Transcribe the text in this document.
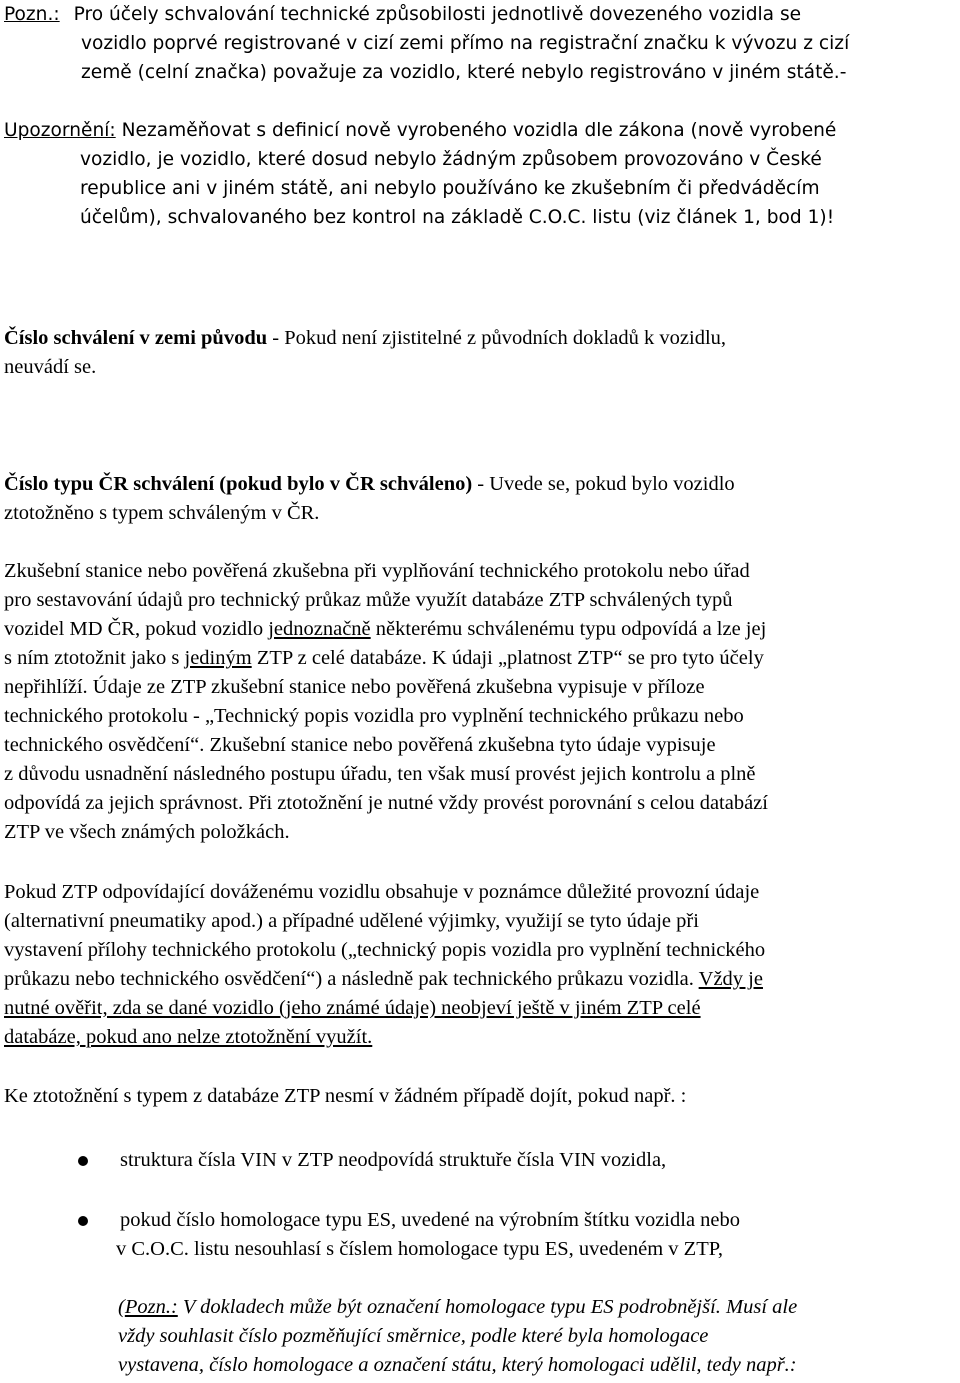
Pozn.: Pro účely schvalování technické způsobilosti jednotlivě dovezeného vozidla se
vozidlo poprvé registrované v cizí zemi přímo na registrační značku k vývozu z cizí
země (celní značka) považuje za vozidlo, které nebylo registrováno v jiném státě.-
Upozornění: Nezaměňovat s definicí nově vyrobeného vozidla dle zákona (nově vyrobené
vozidlo, je vozidlo, které dosud nebylo žádným způsobem provozováno v České
republice ani v jiném státě, ani nebylo používáno ke zkušebním či předváděcím
účelům), schvalovaného bez kontrol na základě C.O.C. listu (viz článek 1, bod 1)!
Číslo schválení v zemi původu - Pokud není zjistitelné z původních dokladů k vozidlu,
neuvádí se.
Číslo typu ČR schválení (pokud bylo v ČR schváleno) - Uvede se, pokud bylo vozidlo
ztotožněno s typem schváleným v ČR.
Zkušební stanice nebo pověřená zkušebna při vyplňování technického protokolu nebo úřad
pro sestavování údajů pro technický průkaz může využít databáze ZTP schválených typů
vozidel MD ČR, pokud vozidlo jednoznačně některému schválenému typu odpovídá a lze jej
s ním ztotožnit jako s jediným ZTP z celé databáze. K údaji „platnost ZTP“ se pro tyto účely
nepřihlíží. Údaje ze ZTP zkušební stanice nebo pověřená zkušebna vypisuje v příloze
technického protokolu - „Technický popis vozidla pro vyplnění technického průkazu nebo
technického osvědčení“. Zkušební stanice nebo pověřená zkušebna tyto údaje vypisuje
z důvodu usnadnění následného postupu úřadu, ten však musí provést jejich kontrolu a plně
odpovídá za jejich správnost. Při ztotožnění je nutné vždy provést porovnání s celou databází
ZTP ve všech známých položkách.
Pokud ZTP odpovídající dováženému vozidlu obsahuje v poznámce důležité provozní údaje
(alternativní pneumatiky apod.) a případné udělené výjimky, využijí se tyto údaje při
vystavení přílohy technického protokolu („technický popis vozidla pro vyplnění technického
průkazu nebo technického osvědčení“) a následně pak technického průkazu vozidla. Vždy je
nutné ověřit, zda se dané vozidlo (jeho známé údaje) neobjeví ještě v jiném ZTP celé
databáze, pokud ano nelze ztotožnění využít.
Ke ztotožnění s typem z databáze ZTP nesmí v žádném případě dojít, pokud např. :
struktura čísla VIN v ZTP neodpovídá struktuře čísla VIN vozidla,
pokud číslo homologace typu ES, uvedené na výrobním štítku vozidla nebo
v C.O.C. listu nesouhlasí s číslem homologace typu ES, uvedeném v ZTP,
(Pozn.: V dokladech může být označení homologace typu ES podrobnější. Musí ale
vždy souhlasit číslo pozměňující směrnice, podle které byla homologace
vystavena, číslo homologace a označení státu, který homologaci udělil, tedy např.:
